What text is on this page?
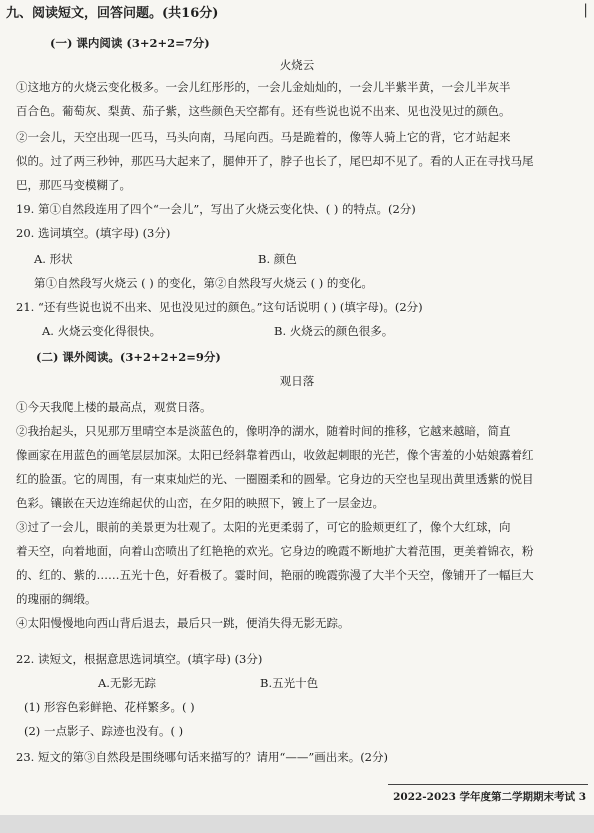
|
九、阅读短文，回答问题。(共16分)
(一) 课内阅读 (3+2+2=7分)
火烧云
①这地方的火烧云变化极多。一会儿红彤彤的，一会儿金灿灿的，一会儿半紫半黄，一会儿半灰半
百合色。葡萄灰、梨黄、茄子紫，这些颜色天空都有。还有些说也说不出来、见也没见过的颜色。
②一会儿，天空出现一匹马，马头向南，马尾向西。马是跪着的，像等人骑上它的背，它才站起来
似的。过了两三秒钟，那匹马大起来了，腿伸开了，脖子也长了，尾巴却不见了。看的人正在寻找马尾
巴，那匹马变模糊了。
19. 第①自然段连用了四个“一会儿”，写出了火烧云变化快、( ) 的特点。(2分)
20. 选词填空。(填字母) (3分)
A. 形状	B. 颜色
第①自然段写火烧云 ( ) 的变化，第②自然段写火烧云 ( ) 的变化。
21. “还有些说也说不出来、见也没见过的颜色。”这句话说明 ( ) (填字母)。(2分)
A. 火烧云变化得很快。	B. 火烧云的颜色很多。
(二) 课外阅读。(3+2+2+2=9分)
观日落
①今天我爬上楼的最高点，观赏日落。
②我抬起头，只见那万里晴空本是淡蓝色的，像明净的湖水，随着时间的推移，它越来越暗，简直
像画家在用蓝色的画笔层层加深。太阳已经斜靠着西山，收敛起刺眼的光芒，像个害羞的小姑娘露着红
红的脸蛋。它的周围，有一束束灿烂的光、一圈圈柔和的圆晕。它身边的天空也呈现出黄里透紫的悦目
色彩。镶嵌在天边连绵起伏的山峦，在夕阳的映照下，镀上了一层金边。
③过了一会儿，眼前的美景更为壮观了。太阳的光更柔弱了，可它的脸颊更红了，像个大红球，向
着天空，向着地面，向着山峦喷出了红艳艳的欢光。它身边的晚霞不断地扩大着范围，更美着锦衣，粉
的、红的、紫的……五光十色，好看极了。霎时间，艳丽的晚霞弥漫了大半个天空，像铺开了一幅巨大
的瑰丽的绸缎。
④太阳慢慢地向西山背后退去，最后只一跳，便消失得无影无踪。
22. 读短文，根据意思选词填空。(填字母) (3分)
A.无影无踪	B.五光十色
(1) 形容色彩鲜艳、花样繁多。( )
(2) 一点影子、踪迹也没有。( )
23. 短文的第③自然段是围绕哪句话来描写的？请用“——”画出来。(2分)
2022-2023 学年度第二学期期末考试 3
